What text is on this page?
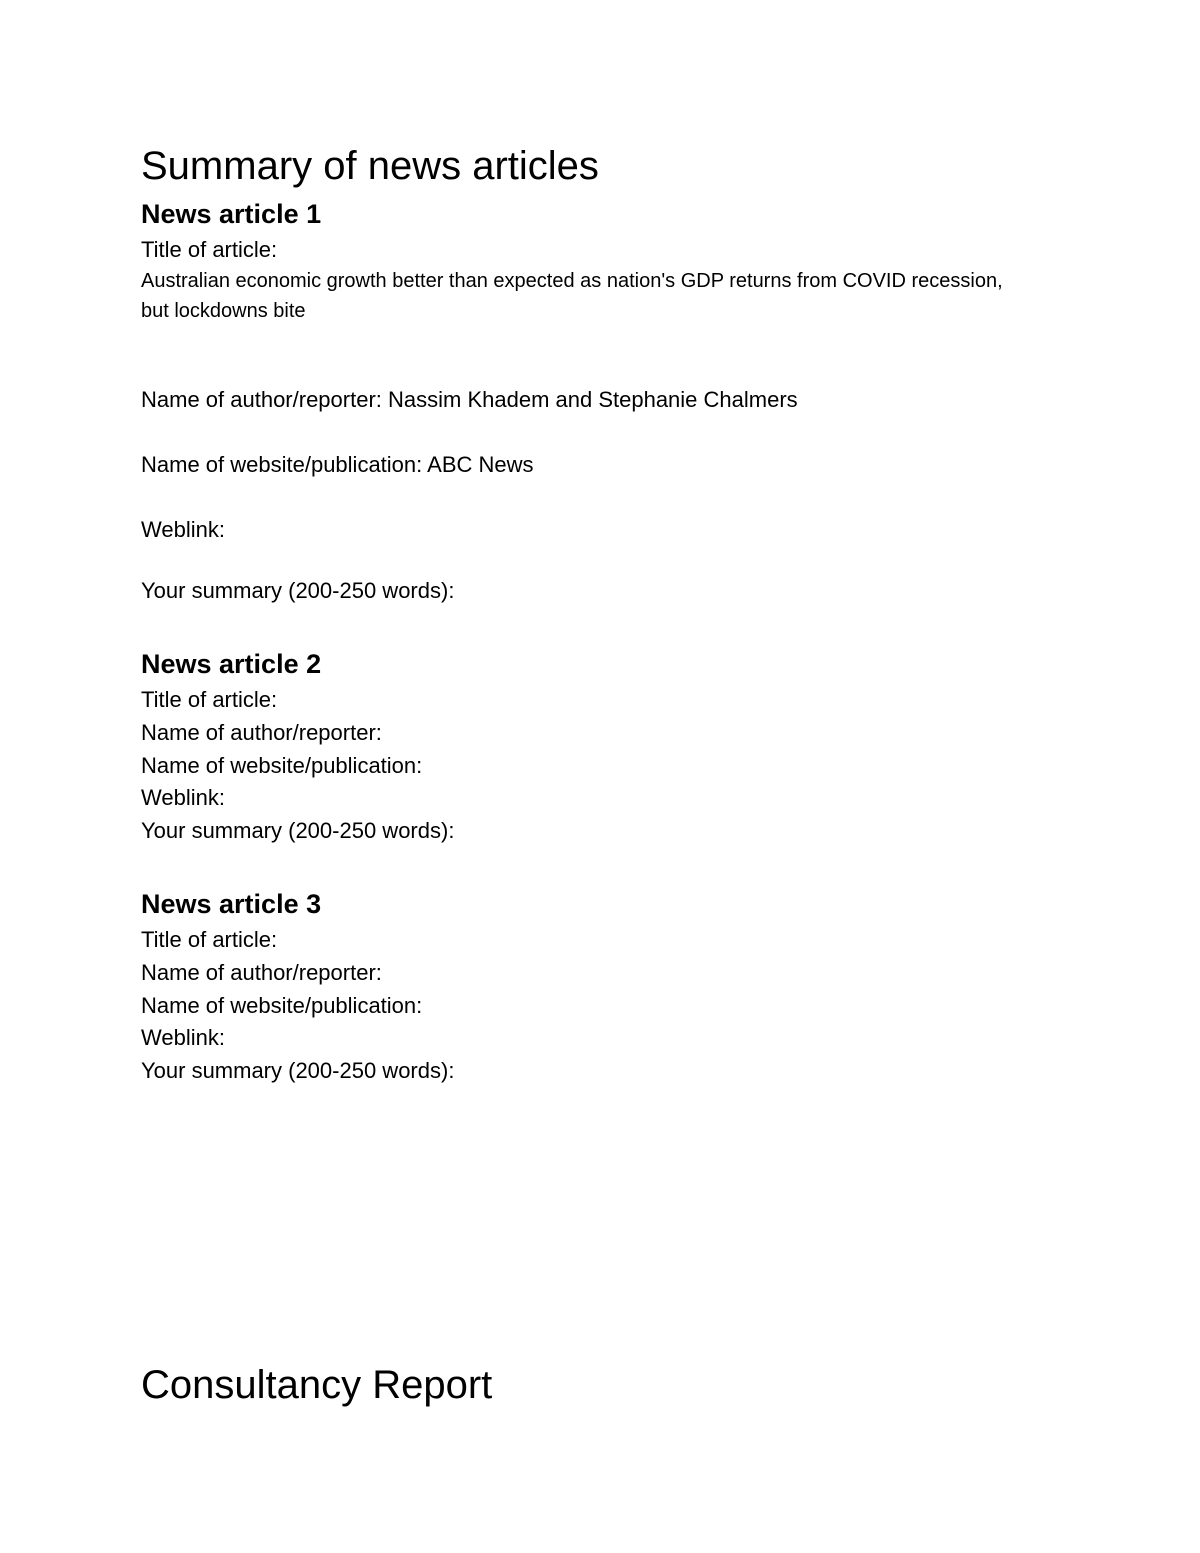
Summary of news articles
News article 1

Title of article:

Australian economic growth better than expected as nation's GDP returns from COVID recession,

but lockdowns bite

Name of author/reporter: Nassim Khadem and Stephanie Chalmers

Name of website/publication: ABC News

Weblink:

Your summary (200-250 words):

News article 2

Title of article:

Name of author/reporter:

Name of website/publication:

Weblink:

Your summary (200-250 words):

News article 3

Title of article:

Name of author/reporter:

Name of website/publication:

Weblink:

Your summary (200-250 words):

Consultancy Report
